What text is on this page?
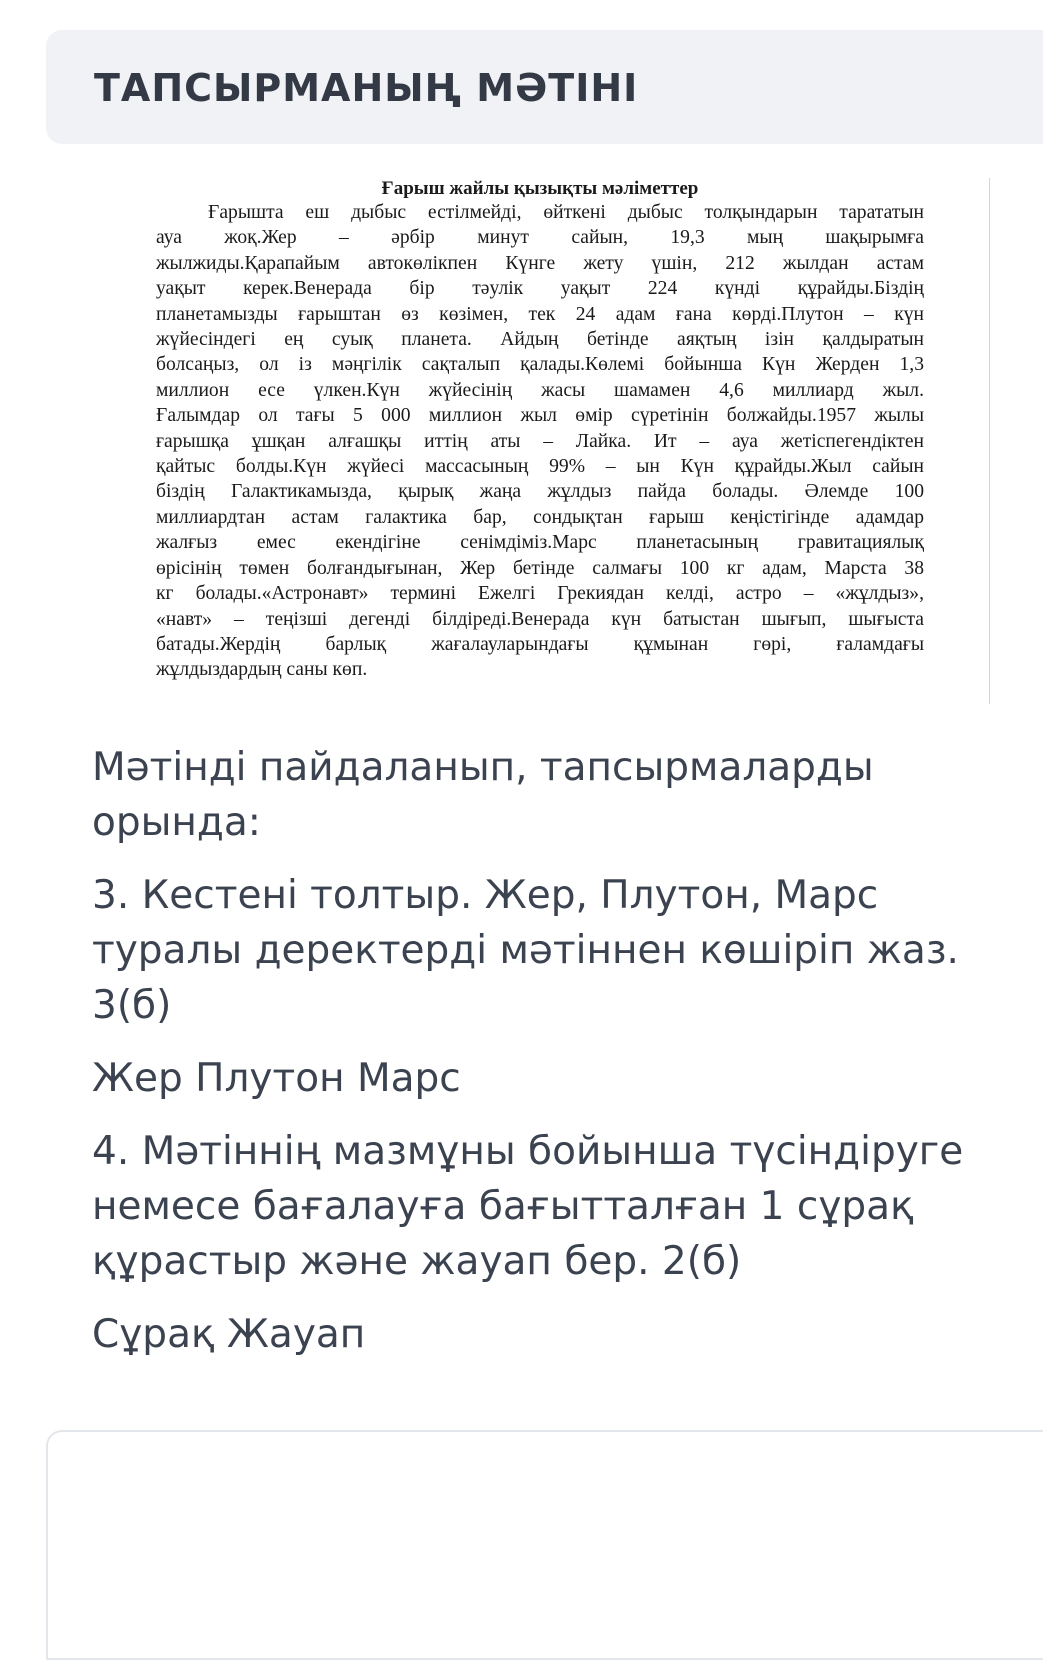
ТАПСЫРМАНЫҢ МӘТІНІ
Ғарыш жайлы қызықты мәліметтер
Ғарышта еш дыбыс естілмейді, өйткені дыбыс толқындарын тарататын
ауа жоқ.Жер – әрбір минут сайын, 19,3 мың шақырымға
жылжиды.Қарапайым автокөлікпен Күнге жету үшін, 212 жылдан астам
уақыт керек.Венерада бір тәулік уақыт 224 күнді құрайды.Біздің
планетамызды ғарыштан өз көзімен, тек 24 адам ғана көрді.Плутон – күн
жүйесіндегі ең суық планета. Айдың бетінде аяқтың ізін қалдыратын
болсаңыз, ол із мәңгілік сақталып қалады.Көлемі бойынша Күн Жерден 1,3
миллион есе үлкен.Күн жүйесінің жасы шамамен 4,6 миллиард жыл.
Ғалымдар ол тағы 5 000 миллион жыл өмір сүретінін болжайды.1957 жылы
ғарышқа ұшқан алғашқы иттің аты – Лайка. Ит – ауа жетіспегендіктен
қайтыс болды.Күн жүйесі массасының 99% – ын Күн құрайды.Жыл сайын
біздің Галактикамызда, қырық жаңа жұлдыз пайда болады. Әлемде 100
миллиардтан астам галактика бар, сондықтан ғарыш кеңістігінде адамдар
жалғыз емес екендігіне сенімдіміз.Марс планетасының гравитациялық
өрісінің төмен болғандығынан, Жер бетінде салмағы 100 кг адам, Марста 38
кг болады.«Астронавт» термині Ежелгі Грекиядан келді, астро – «жұлдыз»,
«навт» – теңізші дегенді білдіреді.Венерада күн батыстан шығып, шығыста
батады.Жердің барлық жағалауларындағы құмынан гөрі, ғаламдағы
жұлдыздардың саны көп.

Мәтінді пайдаланып, тапсырмаларды орында:

3. Кестені толтыр. Жер, Плутон, Марс туралы деректерді мәтіннен көшіріп жаз. 3(б)

Жер Плутон Марс

4. Мәтіннің мазмұны бойынша түсіндіруге немесе бағалауға бағытталған 1 сұрақ құрастыр және жауап бер. 2(б)

Сұрақ Жауап
